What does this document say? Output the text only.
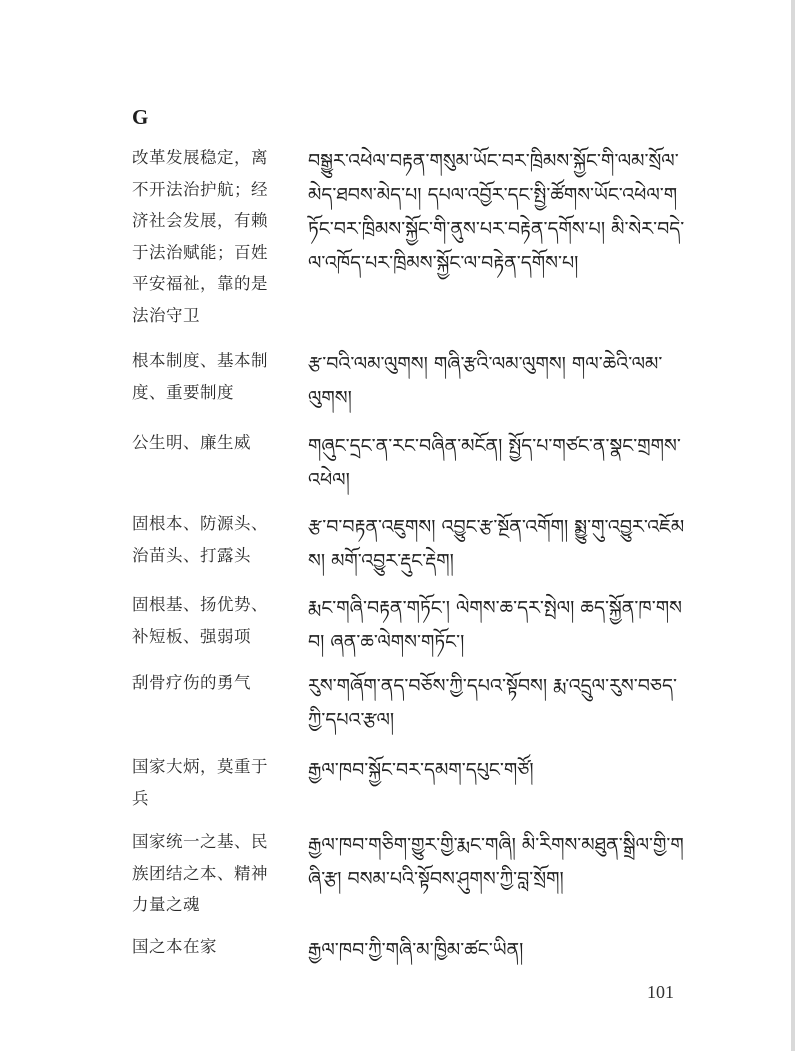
G
改革发展稳定，离
不开法治护航；经
济社会发展，有赖
于法治赋能；百姓
平安福祉，靠的是
法治守卫
བསྒྱུར་འཕེལ་བརྟན་གསུམ་ཡོང་བར་ཁྲིམས་སྐྱོང་གི་ལམ་སྲོལ་མེད་ཐབས་མེད་པ། དཔལ་འབྱོར་དང་སྤྱི་ཚོགས་ཡོང་འཕེལ་གཏོང་བར་ཁྲིམས་སྐྱོང་གི་ནུས་པར་བརྟེན་དགོས་པ། མི་སེར་བདེ་ལ་འཁོད་པར་ཁྲིམས་སྐྱོང་ལ་བརྟེན་དགོས་པ།
根本制度、基本制
度、重要制度
རྩ་བའི་ལམ་ལུགས། གཞི་རྩའི་ལམ་ལུགས། གལ་ཆེའི་ལམ་ལུགས།
公生明、廉生威	གཞུང་དྲང་ན་རང་བཞིན་མངོན། སྤྱོད་པ་གཙང་ན་སྣང་གྲགས་འཕེལ།
固根本、防源头、
治苗头、打露头
རྩ་བ་བརྟན་འཇུགས། འབྱུང་རྩ་སྔོན་འགོག། སྨྱུ་གུ་འབྱུར་འཇོམས། མགོ་འབྱུར་རྡུང་རྡེག།
固根基、扬优势、
补短板、强弱项
རྨང་གཞི་བརྟན་གཏོང་། ལེགས་ཆ་དར་སྤེལ། ཆད་སྐྱོན་ཁ་གསབ། ཞན་ཆ་ལེགས་གཏོང་།
刮骨疗伤的勇气	རུས་གཞོག་ནད་བཅོས་ཀྱི་དཔའ་སྟོབས། རྨ་འདྲུལ་རུས་བཅད་ཀྱི་དཔའ་རྩལ།
国家大炳，莫重于
兵
རྒྱལ་ཁབ་སྐྱོང་བར་དམག་དཔུང་གཙོ།
国家统一之基、民
族团结之本、精神
力量之魂
རྒྱལ་ཁབ་གཅིག་གྱུར་གྱི་རྨང་གཞི། མི་རིགས་མཐུན་སྒྲིལ་གྱི་གཞི་རྩ། བསམ་པའི་སྟོབས་ཤུགས་ཀྱི་བླ་སྲོག།
国之本在家	རྒྱལ་ཁབ་ཀྱི་གཞི་མ་ཁྱིམ་ཚང་ཡིན།
101
